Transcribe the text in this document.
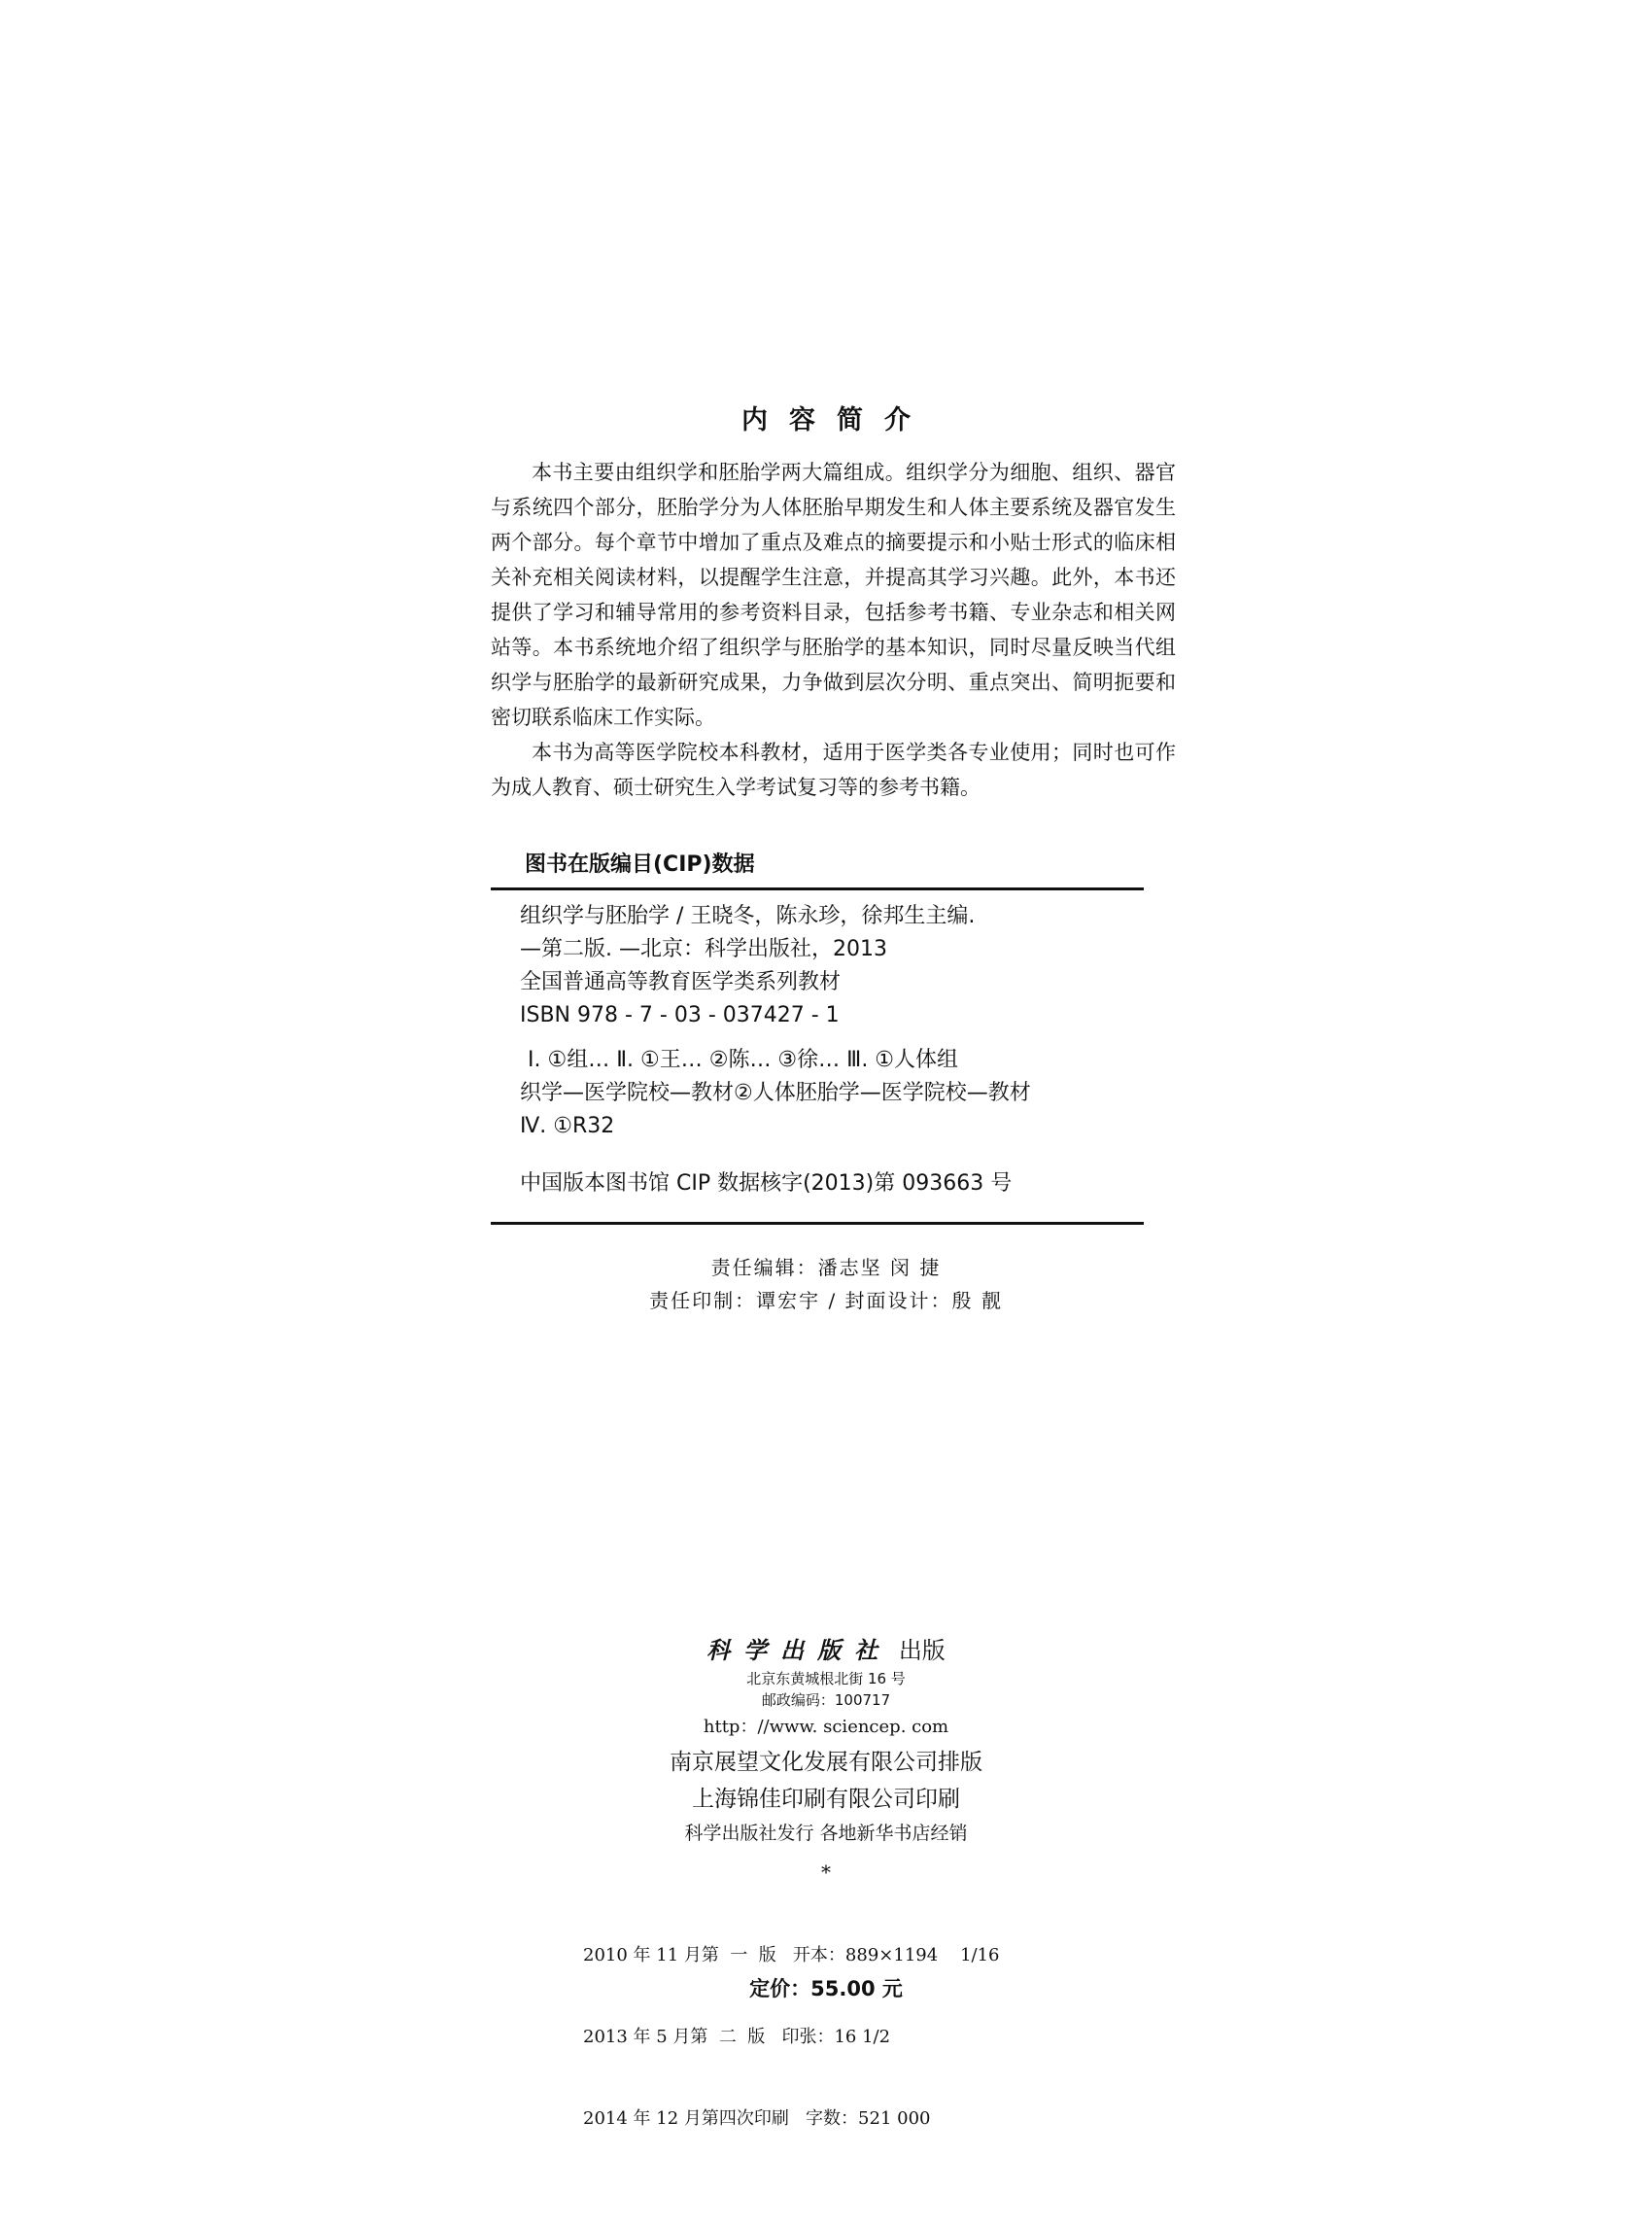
内容简介

本书主要由组织学和胚胎学两大篇组成。组织学分为细胞、组织、器官与系统四个部分，胚胎学分为人体胚胎早期发生和人体主要系统及器官发生两个部分。每个章节中增加了重点及难点的摘要提示和小贴士形式的临床相关补充相关阅读材料，以提醒学生注意，并提高其学习兴趣。此外，本书还提供了学习和辅导常用的参考资料目录，包括参考书籍、专业杂志和相关网站等。本书系统地介绍了组织学与胚胎学的基本知识，同时尽量反映当代组织学与胚胎学的最新研究成果，力争做到层次分明、重点突出、简明扼要和密切联系临床工作实际。

本书为高等医学院校本科教材，适用于医学类各专业使用；同时也可作为成人教育、硕士研究生入学考试复习等的参考书籍。

图书在版编目(CIP)数据
组织学与胚胎学 / 王晓冬，陈永珍，徐邦生主编.
—第二版. —北京：科学出版社，2013
全国普通高等教育医学类系列教材
ISBN 978 - 7 - 03 - 037427 - 1
Ⅰ. ①组… Ⅱ. ①王… ②陈… ③徐… Ⅲ. ①人体组
织学—医学院校—教材②人体胚胎学—医学院校—教材
Ⅳ. ①R32
中国版本图书馆 CIP 数据核字(2013)第 093663 号
责任编辑：潘志坚 闵 捷
责任印制：谭宏宇 / 封面设计：殷 靓
科学出版社 出版
北京东黄城根北街 16 号
邮政编码：100717
http：//www. sciencep. com
南京展望文化发展有限公司排版
上海锦佳印刷有限公司印刷
科学出版社发行 各地新华书店经销
*

2010 年 11 月第  一  版   开本：889×1194    1/16

2013 年 5 月第  二  版   印张：16 1/2

2014 年 12 月第四次印刷   字数：521 000

定价：55.00 元
